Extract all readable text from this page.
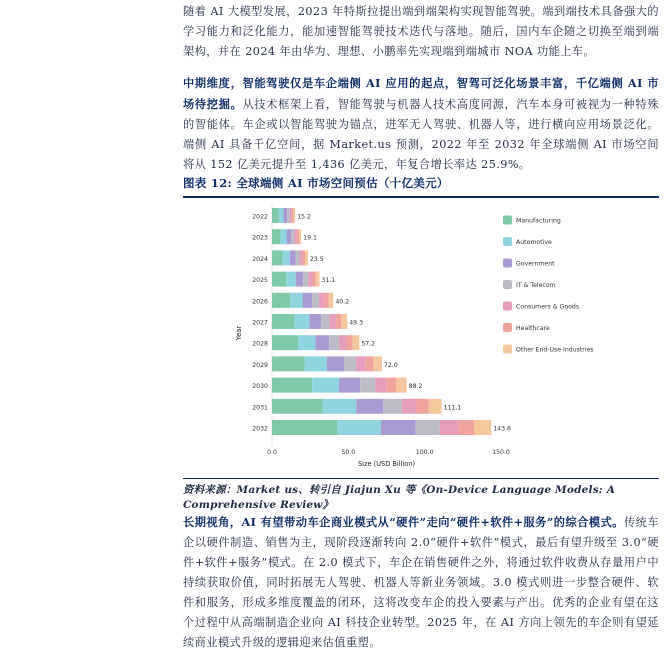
随着 AI 大模型发展，2023 年特斯拉提出端到端架构实现智能驾驶。端到端技术具备强大的学习能力和泛化能力，能加速智能驾驶技术迭代与落地。随后，国内车企随之切换至端到端架构，并在 2024 年由华为、理想、小鹏率先实现端到端城市 NOA 功能上车。

中期维度，智能驾驶仅是车企端侧 AI 应用的起点，智驾可泛化场景丰富，千亿端侧 AI 市场待挖掘。从技术框架上看，智能驾驶与机器人技术高度同源，汽车本身可被视为一种特殊的智能体。车企或以智能驾驶为锚点，进军无人驾驶、机器人等，进行横向应用场景泛化。端侧 AI 具备千亿空间，据 Market.us 预测，2022 年至 2032 年全球端侧 AI 市场空间将从 152 亿美元提升至 1,436 亿美元，年复合增长率达 25.9%。

图表 12: 全球端侧 AI 市场空间预估（十亿美元）
2022	15.2
2023	19.1
2024	23.5
2025	31.1
2026	40.2
2027	49.3
2028	57.2
2029	72.0
2030	88.2
2031	111.1
2032	143.6
0.0	50.0	100.0	150.0
Size (USD Billion)
Year
Manufacturing
Automotive
Government
IT & Telecom
Consumers & Goods
Healthcare
Other End-Use Industries
资料来源：Market us、转引自 Jiajun Xu 等《On-Device Language Models: A Comprehensive Review》

长期视角，AI 有望带动车企商业模式从“硬件”走向“硬件+软件+服务”的综合模式。传统车企以硬件制造、销售为主，现阶段逐渐转向 2.0“硬件+软件”模式，最后有望升级至 3.0“硬件+软件+服务”模式。在 2.0 模式下，车企在销售硬件之外，将通过软件收费从存量用户中持续获取价值，同时拓展无人驾驶、机器人等新业务领域。3.0 模式则进一步整合硬件、软件和服务，形成多维度覆盖的闭环，这将改变车企的投入要素与产出。优秀的企业有望在这个过程中从高端制造企业向 AI 科技企业转型。2025 年，在 AI 方向上领先的车企则有望延续商业模式升级的逻辑迎来估值重塑。
